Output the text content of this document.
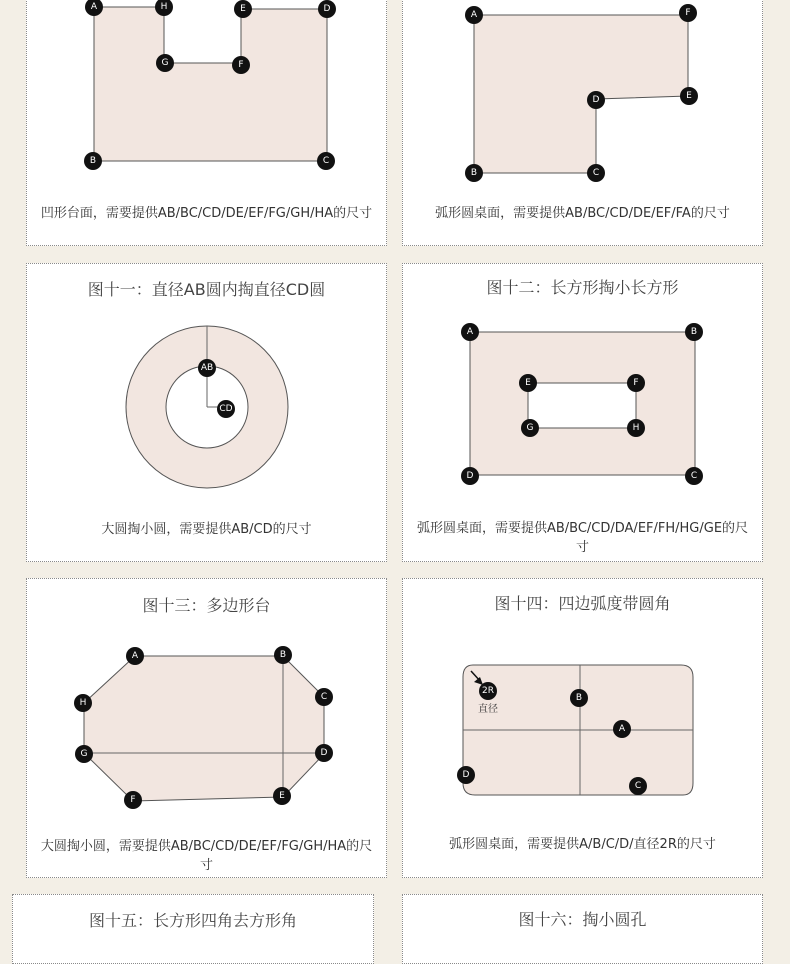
A	H	E	D
G	F
B	C
凹形台面，需要提供AB/BC/CD/DE/EF/FG/GH/HA的尺寸
A	F
D	E
B	C
弧形圆桌面，需要提供AB/BC/CD/DE/EF/FA的尺寸
图十一：直径AB圆内掏直径CD圆
AB
CD
大圆掏小圆，需要提供AB/CD的尺寸
图十二：长方形掏小长方形
A	B
E	F
G	H
D	C
弧形圆桌面，需要提供AB/BC/CD/DA/EF/FH/HG/GE的尺寸
图十三：多边形台
A	B
H
C
G	D
F	E
大圆掏小圆，需要提供AB/BC/CD/DE/EF/FG/GH/HA的尺寸
图十四：四边弧度带圆角
2R
直径
B
A
D
C
弧形圆桌面，需要提供A/B/C/D/直径2R的尺寸
图十五：长方形四角去方形角	图十六：掏小圆孔
